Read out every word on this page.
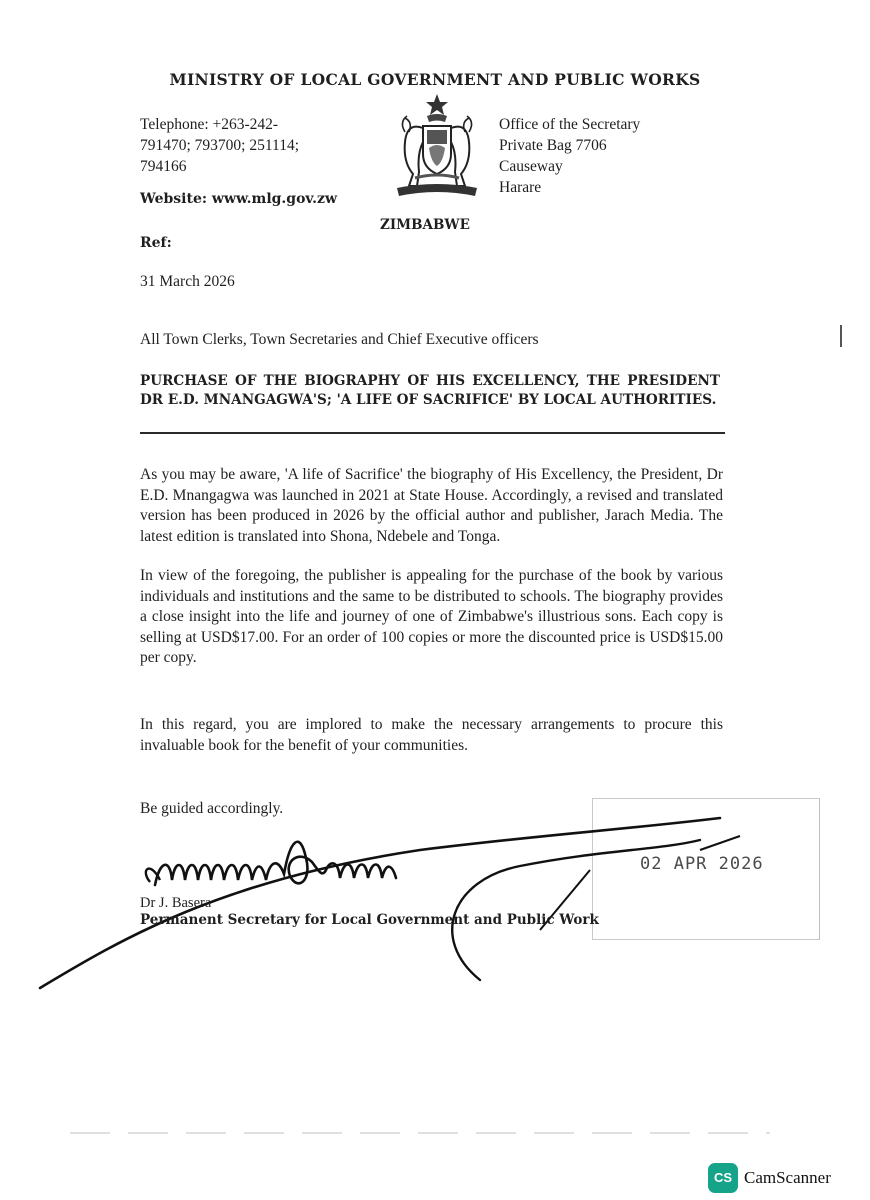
MINISTRY OF LOCAL GOVERNMENT AND PUBLIC WORKS
Telephone: +263-242-
791470; 793700; 251114;
794166
Office of the Secretary
Private Bag 7706
Causeway
Harare
Website: www.mlg.gov.zw
ZIMBABWE
Ref:
31 March 2026
All Town Clerks, Town Secretaries and Chief Executive officers
PURCHASE OF THE BIOGRAPHY OF HIS EXCELLENCY, THE PRESIDENT DR E.D. MNANGAGWA'S; 'A LIFE OF SACRIFICE' BY LOCAL AUTHORITIES.
As you may be aware, 'A life of Sacrifice' the biography of His Excellency, the President, Dr E.D. Mnangagwa was launched in 2021 at State House. Accordingly, a revised and translated version has been produced in 2026 by the official author and publisher, Jarach Media. The latest edition is translated into Shona, Ndebele and Tonga.
In view of the foregoing, the publisher is appealing for the purchase of the book by various individuals and institutions and the same to be distributed to schools. The biography provides a close insight into the life and journey of one of Zimbabwe's illustrious sons. Each copy is selling at USD$17.00. For an order of 100 copies or more the discounted price is USD$15.00 per copy.
In this regard, you are implored to make the necessary arrangements to procure this invaluable book for the benefit of your communities.
Be guided accordingly.
02 APR 2026
Dr J. Basera
Permanent Secretary for Local Government and Public Work
CS CamScanner
